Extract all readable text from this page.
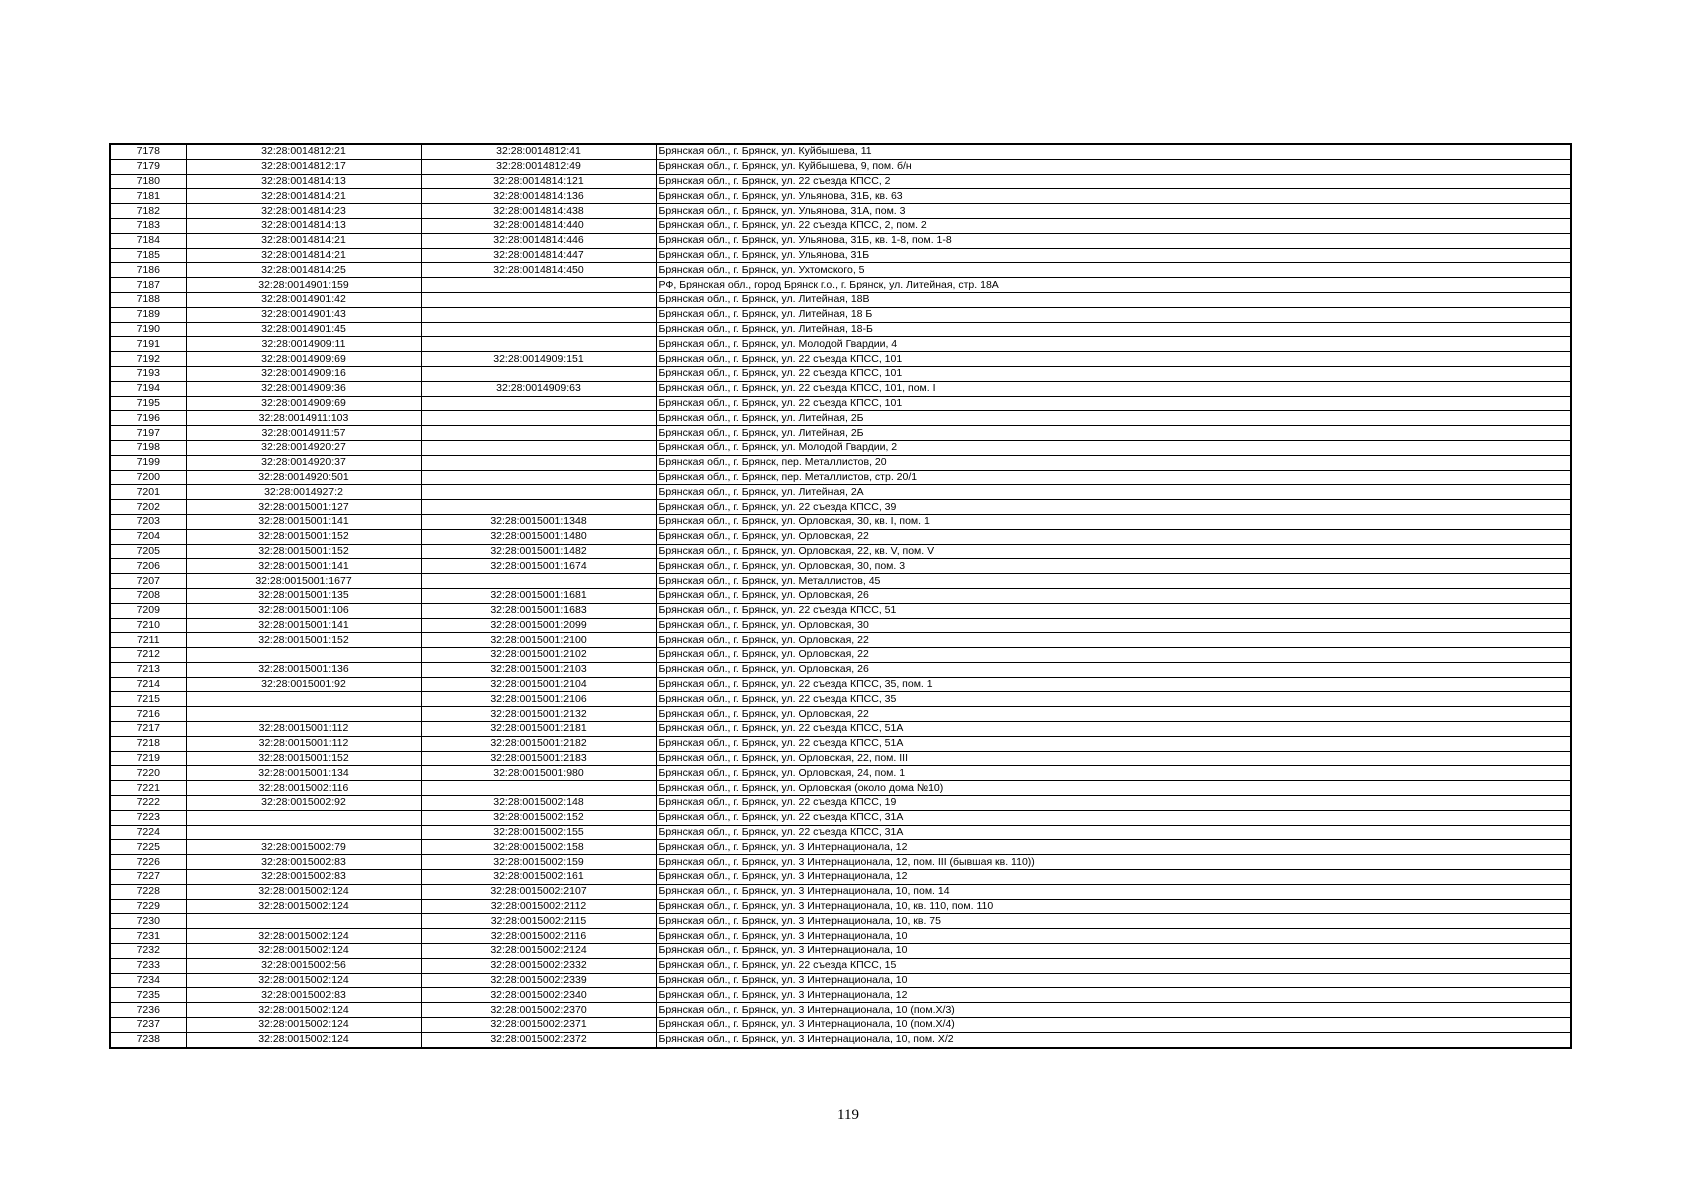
7178	32:28:0014812:21	32:28:0014812:41	Брянская обл., г. Брянск, ул. Куйбышева, 11
7179	32:28:0014812:17	32:28:0014812:49	Брянская обл., г. Брянск, ул. Куйбышева, 9, пом. б/н
7180	32:28:0014814:13	32:28:0014814:121	Брянская обл., г. Брянск, ул. 22 съезда КПСС, 2
7181	32:28:0014814:21	32:28:0014814:136	Брянская обл., г. Брянск, ул. Ульянова, 31Б, кв. 63
7182	32:28:0014814:23	32:28:0014814:438	Брянская обл., г. Брянск, ул. Ульянова, 31А, пом. 3
7183	32:28:0014814:13	32:28:0014814:440	Брянская обл., г. Брянск, ул. 22 съезда КПСС, 2, пом. 2
7184	32:28:0014814:21	32:28:0014814:446	Брянская обл., г. Брянск, ул. Ульянова, 31Б, кв. 1-8, пом. 1-8
7185	32:28:0014814:21	32:28:0014814:447	Брянская обл., г. Брянск, ул. Ульянова, 31Б
7186	32:28:0014814:25	32:28:0014814:450	Брянская обл., г. Брянск, ул. Ухтомского, 5
7187	32:28:0014901:159		РФ, Брянская обл., город Брянск г.о., г. Брянск, ул. Литейная, стр. 18А
7188	32:28:0014901:42		Брянская обл., г. Брянск, ул. Литейная, 18В
7189	32:28:0014901:43		Брянская обл., г. Брянск, ул. Литейная, 18 Б
7190	32:28:0014901:45		Брянская обл., г. Брянск, ул. Литейная, 18-Б
7191	32:28:0014909:11		Брянская обл., г. Брянск, ул. Молодой Гвардии, 4
7192	32:28:0014909:69	32:28:0014909:151	Брянская обл., г. Брянск, ул. 22 съезда КПСС, 101
7193	32:28:0014909:16		Брянская обл., г. Брянск, ул. 22 съезда КПСС, 101
7194	32:28:0014909:36	32:28:0014909:63	Брянская обл., г. Брянск, ул. 22 съезда КПСС, 101, пом. I
7195	32:28:0014909:69		Брянская обл., г. Брянск, ул. 22 съезда КПСС, 101
7196	32:28:0014911:103		Брянская обл., г. Брянск, ул. Литейная, 2Б
7197	32:28:0014911:57		Брянская обл., г. Брянск, ул. Литейная, 2Б
7198	32:28:0014920:27		Брянская обл., г. Брянск, ул. Молодой Гвардии, 2
7199	32:28:0014920:37		Брянская обл., г. Брянск, пер. Металлистов, 20
7200	32:28:0014920:501		Брянская обл., г. Брянск, пер. Металлистов, стр. 20/1
7201	32:28:0014927:2		Брянская обл., г. Брянск, ул. Литейная, 2А
7202	32:28:0015001:127		Брянская обл., г. Брянск, ул. 22 съезда КПСС, 39
7203	32:28:0015001:141	32:28:0015001:1348	Брянская обл., г. Брянск, ул. Орловская, 30, кв. I, пом. 1
7204	32:28:0015001:152	32:28:0015001:1480	Брянская обл., г. Брянск, ул. Орловская, 22
7205	32:28:0015001:152	32:28:0015001:1482	Брянская обл., г. Брянск, ул. Орловская, 22, кв. V, пом. V
7206	32:28:0015001:141	32:28:0015001:1674	Брянская обл., г. Брянск, ул. Орловская, 30, пом. 3
7207	32:28:0015001:1677		Брянская обл., г. Брянск, ул. Металлистов, 45
7208	32:28:0015001:135	32:28:0015001:1681	Брянская обл., г. Брянск, ул. Орловская, 26
7209	32:28:0015001:106	32:28:0015001:1683	Брянская обл., г. Брянск, ул. 22 съезда КПСС, 51
7210	32:28:0015001:141	32:28:0015001:2099	Брянская обл., г. Брянск, ул. Орловская, 30
7211	32:28:0015001:152	32:28:0015001:2100	Брянская обл., г. Брянск, ул. Орловская, 22
7212		32:28:0015001:2102	Брянская обл., г. Брянск, ул. Орловская, 22
7213	32:28:0015001:136	32:28:0015001:2103	Брянская обл., г. Брянск, ул. Орловская, 26
7214	32:28:0015001:92	32:28:0015001:2104	Брянская обл., г. Брянск, ул. 22 съезда КПСС, 35, пом. 1
7215		32:28:0015001:2106	Брянская обл., г. Брянск, ул. 22 съезда КПСС, 35
7216		32:28:0015001:2132	Брянская обл., г. Брянск, ул. Орловская, 22
7217	32:28:0015001:112	32:28:0015001:2181	Брянская обл., г. Брянск, ул. 22 съезда КПСС, 51А
7218	32:28:0015001:112	32:28:0015001:2182	Брянская обл., г. Брянск, ул. 22 съезда КПСС, 51А
7219	32:28:0015001:152	32:28:0015001:2183	Брянская обл., г. Брянск, ул. Орловская, 22, пом. III
7220	32:28:0015001:134	32:28:0015001:980	Брянская обл., г. Брянск, ул. Орловская, 24, пом. 1
7221	32:28:0015002:116		Брянская обл., г. Брянск, ул. Орловская (около дома №10)
7222	32:28:0015002:92	32:28:0015002:148	Брянская обл., г. Брянск, ул. 22 съезда КПСС, 19
7223		32:28:0015002:152	Брянская обл., г. Брянск, ул. 22 съезда КПСС, 31А
7224		32:28:0015002:155	Брянская обл., г. Брянск, ул. 22 съезда КПСС, 31А
7225	32:28:0015002:79	32:28:0015002:158	Брянская обл., г. Брянск, ул. 3 Интернационала, 12
7226	32:28:0015002:83	32:28:0015002:159	Брянская обл., г. Брянск, ул. 3 Интернационала, 12, пом. III (бывшая кв. 110))
7227	32:28:0015002:83	32:28:0015002:161	Брянская обл., г. Брянск, ул. 3 Интернационала, 12
7228	32:28:0015002:124	32:28:0015002:2107	Брянская обл., г. Брянск, ул. 3 Интернационала, 10, пом. 14
7229	32:28:0015002:124	32:28:0015002:2112	Брянская обл., г. Брянск, ул. 3 Интернационала, 10, кв. 110, пом. 110
7230		32:28:0015002:2115	Брянская обл., г. Брянск, ул. 3 Интернационала, 10, кв. 75
7231	32:28:0015002:124	32:28:0015002:2116	Брянская обл., г. Брянск, ул. 3 Интернационала, 10
7232	32:28:0015002:124	32:28:0015002:2124	Брянская обл., г. Брянск, ул. 3 Интернационала, 10
7233	32:28:0015002:56	32:28:0015002:2332	Брянская обл., г. Брянск, ул. 22 съезда КПСС, 15
7234	32:28:0015002:124	32:28:0015002:2339	Брянская обл., г. Брянск, ул. 3 Интернационала, 10
7235	32:28:0015002:83	32:28:0015002:2340	Брянская обл., г. Брянск, ул. 3 Интернационала, 12
7236	32:28:0015002:124	32:28:0015002:2370	Брянская обл., г. Брянск, ул. 3 Интернационала, 10 (пом.Х/3)
7237	32:28:0015002:124	32:28:0015002:2371	Брянская обл., г. Брянск, ул. 3 Интернационала, 10 (пом.Х/4)
7238	32:28:0015002:124	32:28:0015002:2372	Брянская обл., г. Брянск, ул. 3 Интернационала, 10, пом. Х/2
119
